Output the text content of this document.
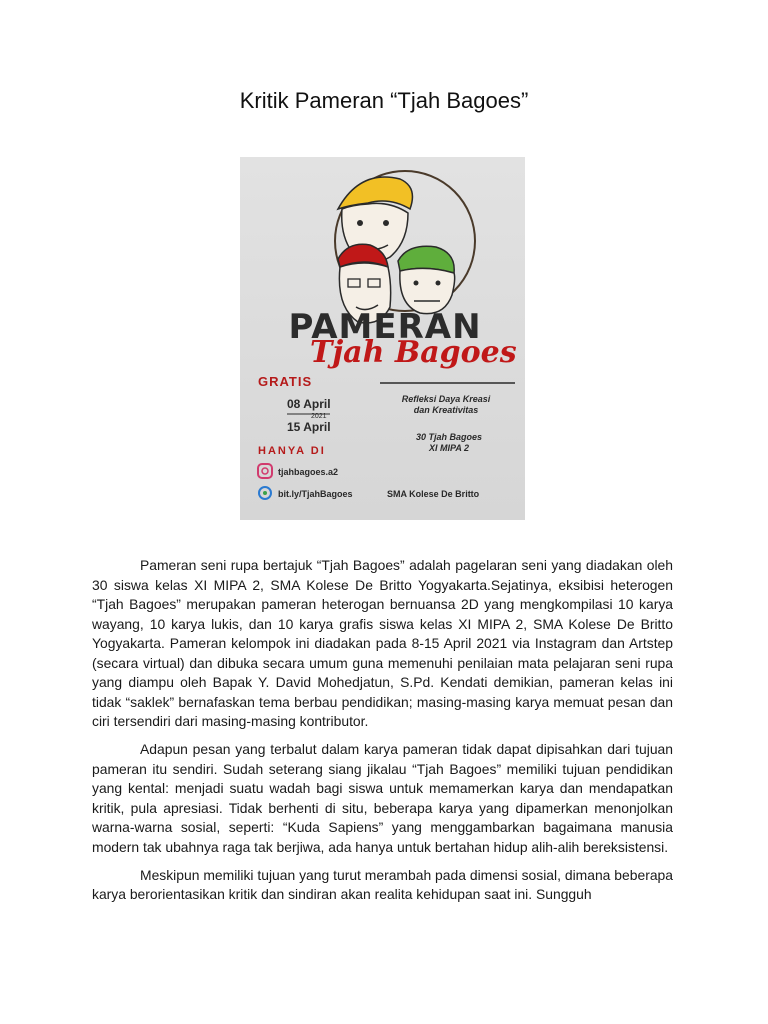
Kritik Pameran “Tjah Bagoes”
PAMERAN
Tjah Bagoes
GRATIS
08 April
2021
15 April
HANYA DI
tjahbagoes.a2
bit.ly/TjahBagoes
Refleksi Daya Kreasi
dan Kreativitas
30 Tjah Bagoes
XI MIPA 2
SMA Kolese De Britto

Pameran seni rupa bertajuk “Tjah Bagoes” adalah pagelaran seni yang diadakan oleh 30 siswa kelas XI MIPA 2, SMA Kolese De Britto Yogyakarta.Sejatinya, eksibisi heterogen “Tjah Bagoes” merupakan pameran heterogan bernuansa 2D yang mengkompilasi 10 karya wayang, 10 karya lukis, dan 10 karya grafis siswa kelas XI MIPA 2, SMA Kolese De Britto Yogyakarta. Pameran kelompok ini diadakan pada 8-15 April 2021 via Instagram dan Artstep (secara virtual) dan dibuka secara umum guna memenuhi penilaian mata pelajaran seni rupa yang diampu oleh Bapak Y. David Mohedjatun, S.Pd. Kendati demikian, pameran kelas ini tidak “saklek” bernafaskan tema berbau pendidikan; masing-masing karya memuat pesan dan ciri tersendiri dari masing-masing kontributor.

Adapun pesan yang terbalut dalam karya pameran tidak dapat dipisahkan dari tujuan pameran itu sendiri. Sudah seterang siang jikalau “Tjah Bagoes” memiliki tujuan pendidikan yang kental: menjadi suatu wadah bagi siswa untuk memamerkan karya dan mendapatkan kritik, pula apresiasi. Tidak berhenti di situ, beberapa karya yang dipamerkan menonjolkan warna-warna sosial, seperti: “Kuda Sapiens” yang menggambarkan bagaimana manusia modern tak ubahnya raga tak berjiwa, ada hanya untuk bertahan hidup alih-alih bereksistensi.

Meskipun memiliki tujuan yang turut merambah pada dimensi sosial, dimana beberapa karya berorientasikan kritik dan sindiran akan realita kehidupan saat ini. Sungguh
